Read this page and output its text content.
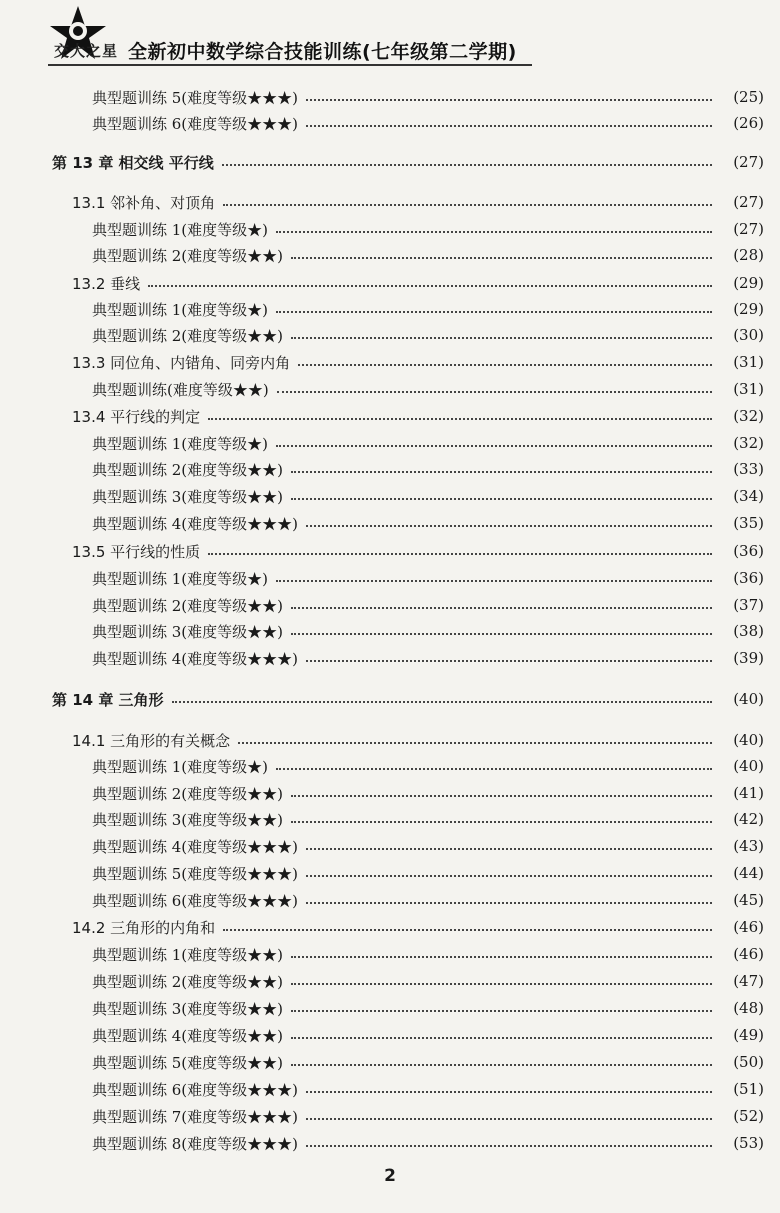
交大之星 全新初中数学综合技能训练(七年级第二学期)
典型题训练 5(难度等级★★★)	(25)
典型题训练 6(难度等级★★★)	(26)
第 13 章 相交线 平行线	(27)
13.1 邻补角、对顶角	(27)
典型题训练 1(难度等级★)	(27)
典型题训练 2(难度等级★★)	(28)
13.2 垂线	(29)
典型题训练 1(难度等级★)	(29)
典型题训练 2(难度等级★★)	(30)
13.3 同位角、内错角、同旁内角	(31)
典型题训练(难度等级★★)	(31)
13.4 平行线的判定	(32)
典型题训练 1(难度等级★)	(32)
典型题训练 2(难度等级★★)	(33)
典型题训练 3(难度等级★★)	(34)
典型题训练 4(难度等级★★★)	(35)
13.5 平行线的性质	(36)
典型题训练 1(难度等级★)	(36)
典型题训练 2(难度等级★★)	(37)
典型题训练 3(难度等级★★)	(38)
典型题训练 4(难度等级★★★)	(39)
第 14 章 三角形	(40)
14.1 三角形的有关概念	(40)
典型题训练 1(难度等级★)	(40)
典型题训练 2(难度等级★★)	(41)
典型题训练 3(难度等级★★)	(42)
典型题训练 4(难度等级★★★)	(43)
典型题训练 5(难度等级★★★)	(44)
典型题训练 6(难度等级★★★)	(45)
14.2 三角形的内角和	(46)
典型题训练 1(难度等级★★)	(46)
典型题训练 2(难度等级★★)	(47)
典型题训练 3(难度等级★★)	(48)
典型题训练 4(难度等级★★)	(49)
典型题训练 5(难度等级★★)	(50)
典型题训练 6(难度等级★★★)	(51)
典型题训练 7(难度等级★★★)	(52)
典型题训练 8(难度等级★★★)	(53)
2
